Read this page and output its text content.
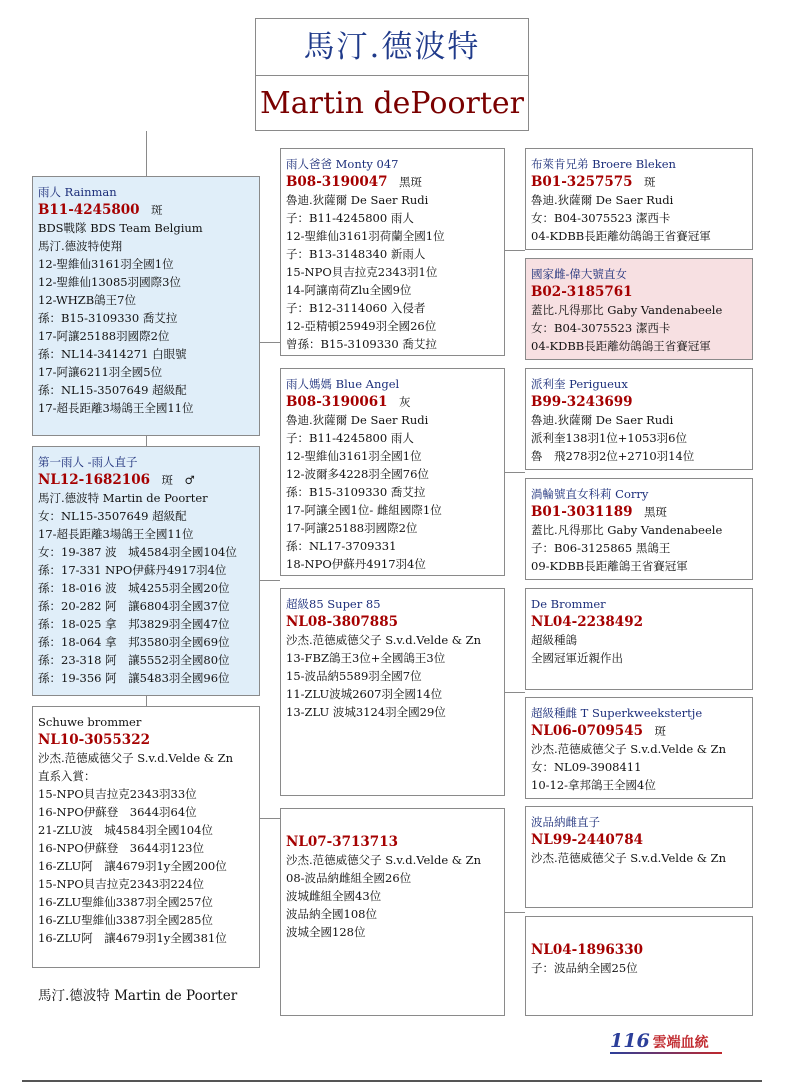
馬汀.德波特
Martin dePoorter
雨人 Rainman
B11-4245800　斑
BDS戰隊 BDS Team Belgium
馬汀.德波特使翔
12-聖維仙3161羽全國1位
12-聖維仙13085羽國際3位
12-WHZB鴿王7位
孫：B15-3109330 喬艾拉
17-阿讓25188羽國際2位
孫：NL14-3414271 白眼號
17-阿讓6211羽全國5位
孫：NL15-3507649 超級配
17-超長距離3場鴿王全國11位
第一雨人 -雨人直子
NL12-1682106　斑　♂
馬汀.德波特 Martin de Poorter
女：NL15-3507649 超級配
17-超長距離3場鴿王全國11位
女：19-387 波　城4584羽全國104位
孫：17-331 NPO伊蘇丹4917羽4位
孫：18-016 波　城4255羽全國20位
孫：20-282 阿　讓6804羽全國37位
孫：18-025 拿　邦3829羽全國47位
孫：18-064 拿　邦3580羽全國69位
孫：23-318 阿　讓5552羽全國80位
孫：19-356 阿　讓5483羽全國96位
Schuwe brommer
NL10-3055322
沙杰.范德威德父子 S.v.d.Velde & Zn
直系入賞：
15-NPO貝吉拉克2343羽33位
16-NPO伊蘇登　3644羽64位
21-ZLU波　城4584羽全國104位
16-NPO伊蘇登　3644羽123位
16-ZLU阿　讓4679羽1y全國200位
15-NPO貝吉拉克2343羽224位
16-ZLU聖維仙3387羽全國257位
16-ZLU聖維仙3387羽全國285位
16-ZLU阿　讓4679羽1y全國381位
雨人爸爸 Monty 047
B08-3190047　黑斑
魯迪.狄薩爾 De Saer Rudi
子：B11-4245800 雨人
12-聖維仙3161羽荷蘭全國1位
子：B13-3148340 新雨人
15-NPO貝吉拉克2343羽1位
14-阿讓南荷Zlu全國9位
子：B12-3114060 入侵者
12-亞精頓25949羽全國26位
曾孫：B15-3109330 喬艾拉
雨人媽媽 Blue Angel
B08-3190061　灰
魯迪.狄薩爾 De Saer Rudi
子：B11-4245800 雨人
12-聖維仙3161羽全國1位
12-波爾多4228羽全國76位
孫：B15-3109330 喬艾拉
17-阿讓全國1位- 雌組國際1位
17-阿讓25188羽國際2位
孫：NL17-3709331
18-NPO伊蘇丹4917羽4位
超級85 Super 85
NL08-3807885
沙杰.范德威德父子 S.v.d.Velde & Zn
13-FBZ鴿王3位+全國鴿王3位
15-波品納5589羽全國7位
11-ZLU波城2607羽全國14位
13-ZLU 波城3124羽全國29位
NL07-3713713
沙杰.范德威德父子 S.v.d.Velde & Zn
08-波品納雌組全國26位
波城雌組全國43位
波品納全國108位
波城全國128位
布萊肯兄弟 Broere Bleken
B01-3257575　斑
魯迪.狄薩爾 De Saer Rudi
女：B04-3075523 潔西卡
04-KDBB長距離幼鴿鴿王省賽冠軍
國家雌-偉大號直女
B02-3185761
蓋比.凡得那比 Gaby Vandenabeele
女：B04-3075523 潔西卡
04-KDBB長距離幼鴿鴿王省賽冠軍
派利奎 Perigueux
B99-3243699
魯迪.狄薩爾 De Saer Rudi
派利奎138羽1位+1053羽6位
魯　飛278羽2位+2710羽14位
渦輪號直女科莉 Corry
B01-3031189　黑斑
蓋比.凡得那比 Gaby Vandenabeele
子：B06-3125865 黑鴿王
09-KDBB長距離鴿王省賽冠軍
De Brommer
NL04-2238492
超級種鴿
全國冠軍近親作出
超級種雌 T Superkweekstertje
NL06-0709545　斑
沙杰.范德威德父子 S.v.d.Velde & Zn
女：NL09-3908411
10-12-拿邦鴿王全國4位
波品納雌直子
NL99-2440784
沙杰.范德威德父子 S.v.d.Velde & Zn
NL04-1896330
子：波品納全國25位
馬汀.德波特 Martin de Poorter
116 雲端血統
